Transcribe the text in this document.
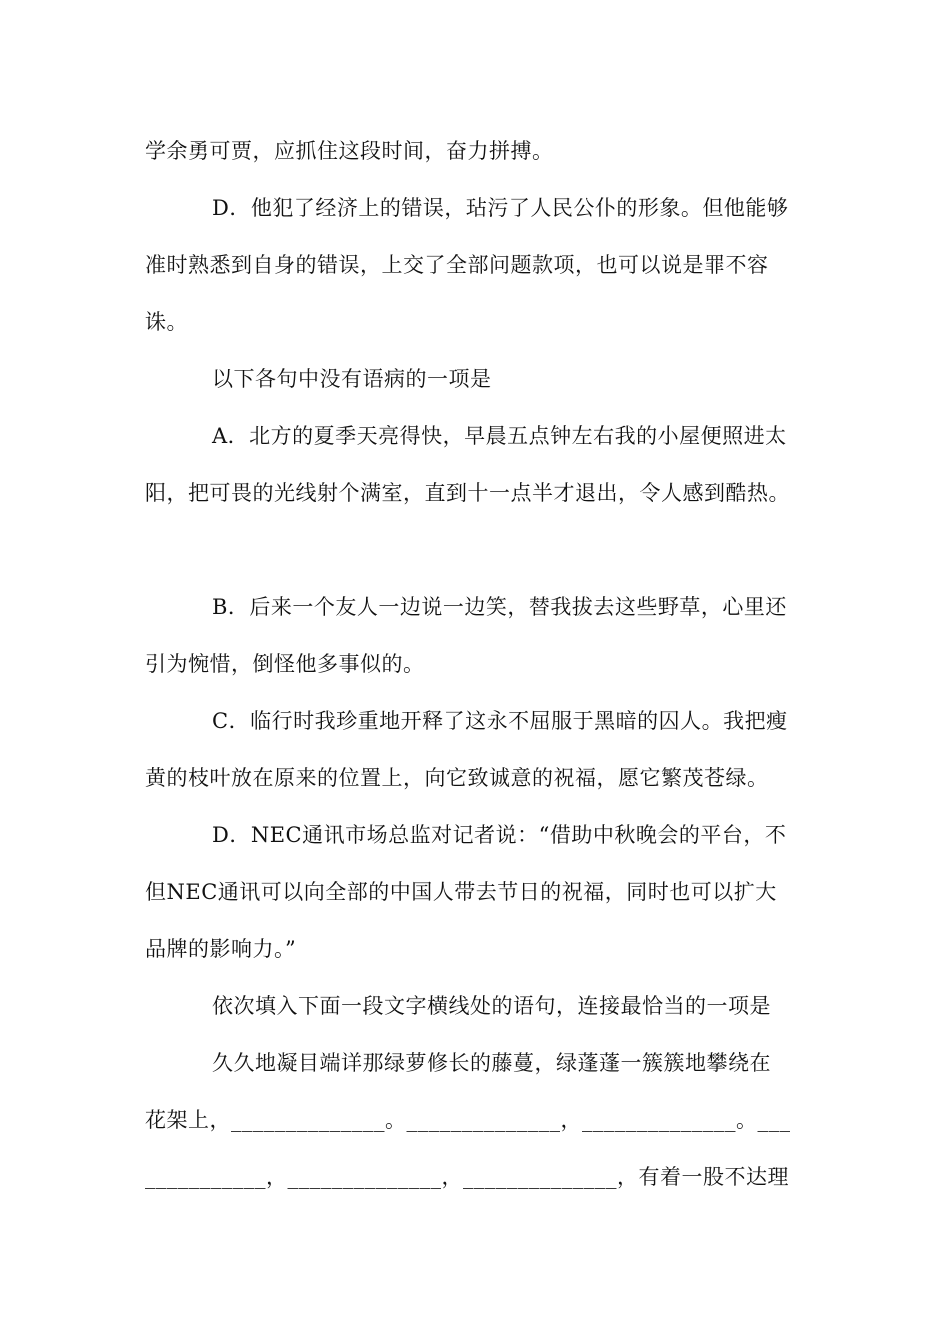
学余勇可贾，应抓住这段时间，奋力拼搏。
D．他犯了经济上的错误，玷污了人民公仆的形象。但他能够
准时熟悉到自身的错误，上交了全部问题款项，也可以说是罪不容
诛。
以下各句中没有语病的一项是
A．北方的夏季天亮得快，早晨五点钟左右我的小屋便照进太
阳，把可畏的光线射个满室，直到十一点半才退出，令人感到酷热。
B．后来一个友人一边说一边笑，替我拔去这些野草，心里还
引为惋惜，倒怪他多事似的。
C．临行时我珍重地开释了这永不屈服于黑暗的囚人。我把瘦
黄的枝叶放在原来的位置上，向它致诚意的祝福，愿它繁茂苍绿。
D．NEC通讯市场总监对记者说：“借助中秋晚会的平台，不
但NEC通讯可以向全部的中国人带去节日的祝福，同时也可以扩大
品牌的影响力。”
依次填入下面一段文字横线处的语句，连接最恰当的一项是
久久地凝目端详那绿萝修长的藤蔓，绿蓬蓬一簇簇地攀绕在
花架上，______________。______________，______________。___
___________，______________，______________，有着一股不达理
